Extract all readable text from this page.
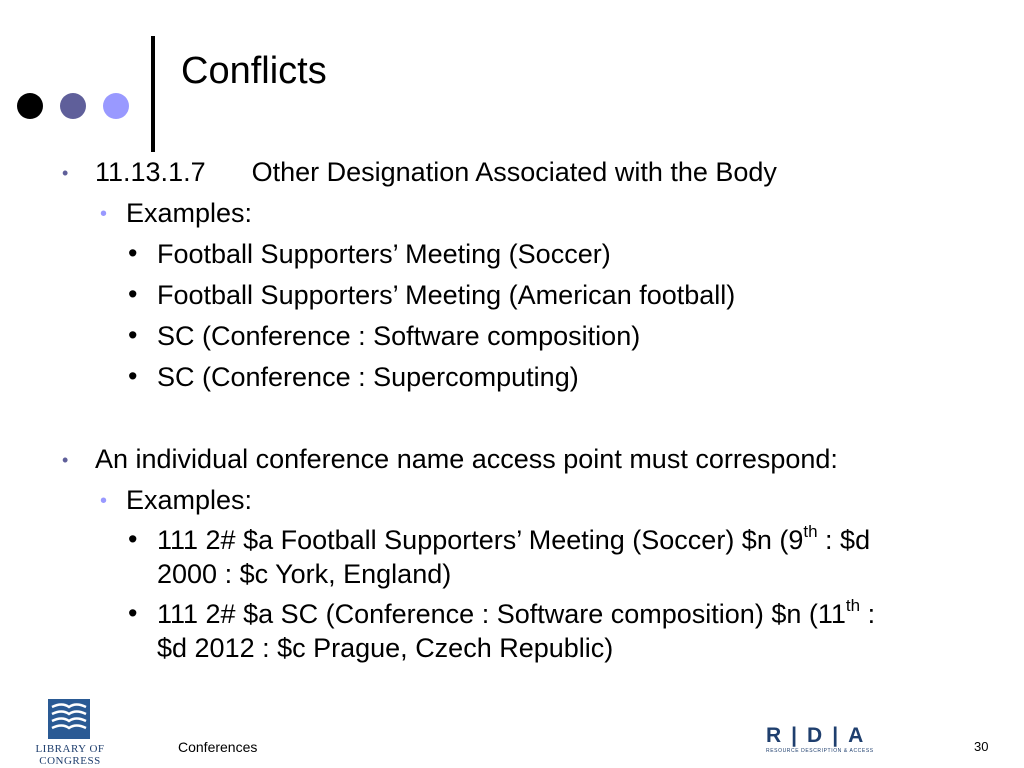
Conflicts
• 11.13.1.7 Other Designation Associated with the Body
• Examples:
• Football Supporters’ Meeting (Soccer)
• Football Supporters’ Meeting (American football)
• SC (Conference : Software composition)
• SC (Conference : Supercomputing)
• An individual conference name access point must correspond:
• Examples:
• 111 2# $a Football Supporters’ Meeting (Soccer) $n (9th : $d
2000 : $c York, England)
• 111 2# $a SC (Conference : Software composition) $n (11th :
$d 2012 : $c Prague, Czech Republic)
LIBRARY OF
CONGRESS
Conferences	R|D|A
RESOURCE DESCRIPTION & ACCESS	30
